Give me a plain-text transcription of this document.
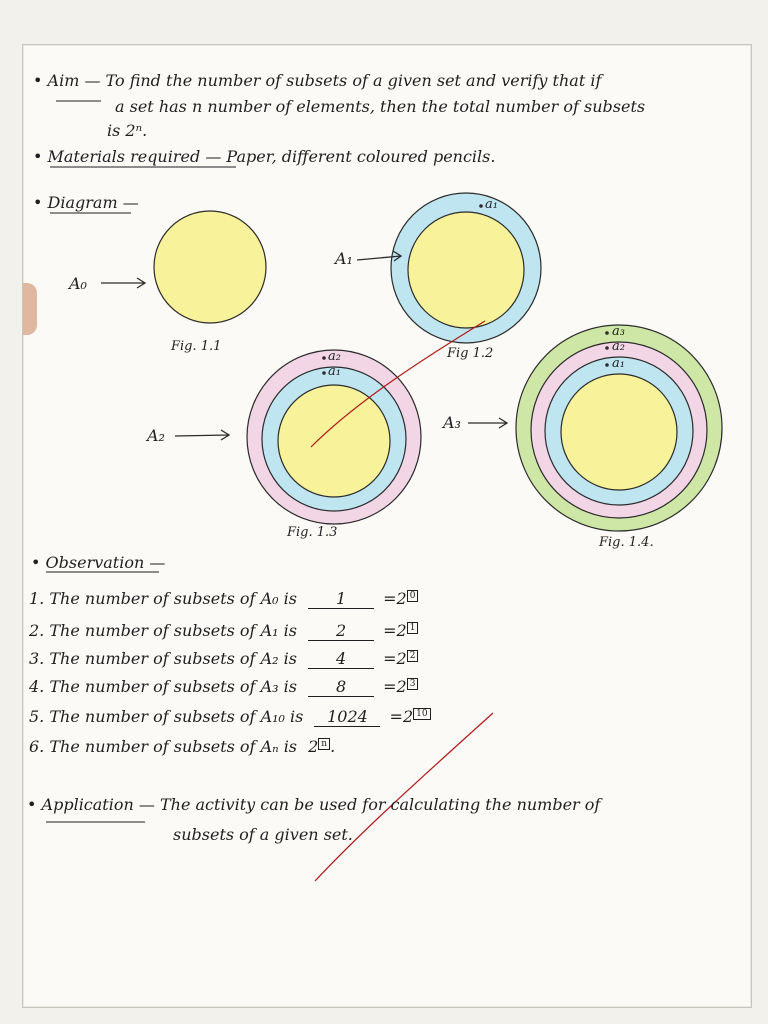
• Aim — To find the number of subsets of a given set and verify that if
a set has n number of elements, then the total number of subsets
is 2ⁿ.
• Materials required — Paper, different coloured pencils.
• Diagram —
A₀
A₁
A₂
A₃
a₁
a₂
a₁
a₃
a₂
a₁
Fig. 1.1	Fig 1.2
Fig. 1.3
Fig. 1.4.
• Observation —
1. The number of subsets of A₀ is 1 =2 0
2. The number of subsets of A₁ is 2 =2 1
3. The number of subsets of A₂ is 4 =2 2
4. The number of subsets of A₃ is 8 =2 3
5. The number of subsets of A₁₀ is 1024 =2 10
6. The number of subsets of Aₙ is 2 n .
• Application — The activity can be used for calculating the number of
subsets of a given set.
